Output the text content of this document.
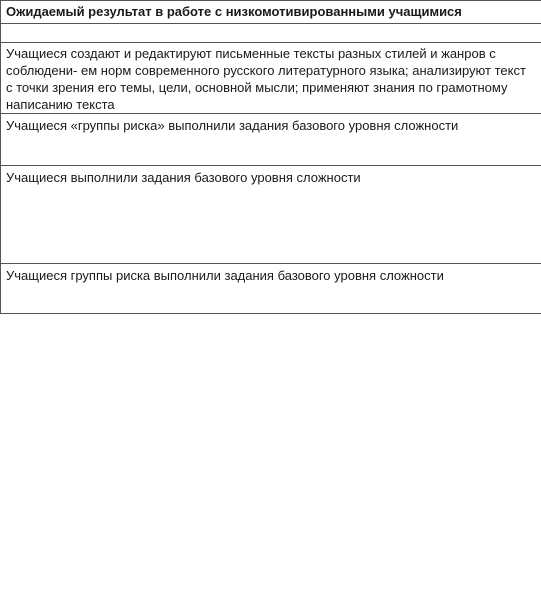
Ожидаемый результат в работе с низкомотивированными учащимися

Учащиеся создают и редактируют письменные тексты разных стилей и жанров с соблюдени- ем норм современного русского литературного языка; анализируют текст с точки зрения его темы, цели, основной мысли; применяют знания по грамотному написанию текста

Учащиеся «группы риска» выполнили задания базового уровня сложности

Учащиеся выполнили задания базового уровня сложности

Учащиеся группы риска выполнили задания базового уровня сложности
